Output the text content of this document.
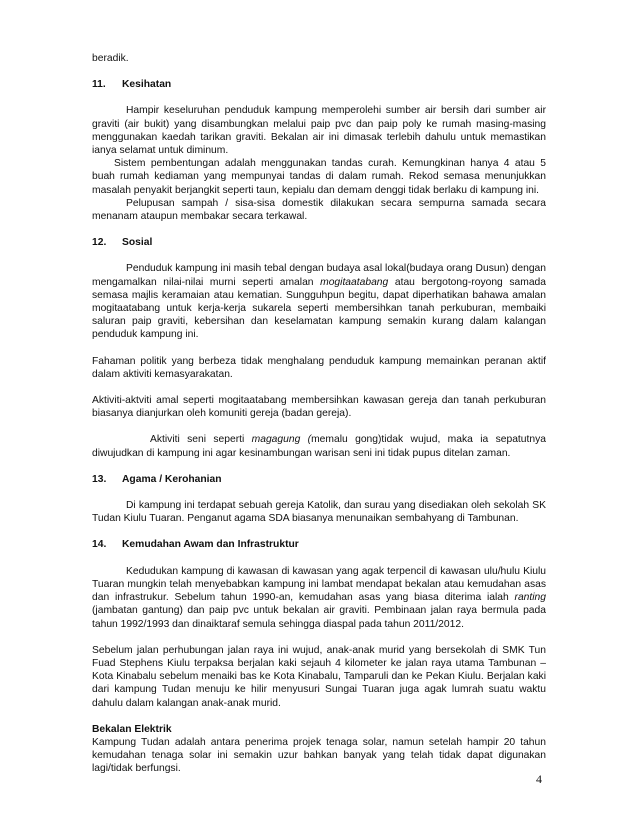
beradik.

11. Kesihatan

Hampir keseluruhan penduduk kampung memperolehi sumber air bersih dari sumber air graviti (air bukit) yang disambungkan melalui paip pvc dan paip poly ke rumah masing-masing menggunakan kaedah tarikan graviti. Bekalan air ini dimasak terlebih dahulu untuk memastikan ianya selamat untuk diminum.

Sistem pembentungan adalah menggunakan tandas curah. Kemungkinan hanya 4 atau 5 buah rumah kediaman yang mempunyai tandas di dalam rumah. Rekod semasa menunjukkan masalah penyakit berjangkit seperti taun, kepialu dan demam denggi tidak berlaku di kampung ini.

Pelupusan sampah / sisa-sisa domestik dilakukan secara sempurna samada secara menanam ataupun membakar secara terkawal.

12. Sosial

Penduduk kampung ini masih tebal dengan budaya asal lokal(budaya orang Dusun) dengan mengamalkan nilai-nilai murni seperti amalan mogitaatabang atau bergotong-royong samada semasa majlis keramaian atau kematian. Sungguhpun begitu, dapat diperhatikan bahawa amalan mogitaatabang untuk kerja-kerja sukarela seperti membersihkan tanah perkuburan, membaiki saluran paip graviti, kebersihan dan keselamatan kampung semakin kurang dalam kalangan penduduk kampung ini.

Fahaman politik yang berbeza tidak menghalang penduduk kampung memainkan peranan aktif dalam aktiviti kemasyarakatan.

Aktiviti-aktviti amal seperti mogitaatabang membersihkan kawasan gereja dan tanah perkuburan biasanya dianjurkan oleh komuniti gereja (badan gereja).

Aktiviti seni seperti magagung (memalu gong)tidak wujud, maka ia sepatutnya diwujudkan di kampung ini agar kesinambungan warisan seni ini tidak pupus ditelan zaman.

13. Agama / Kerohanian

Di kampung ini terdapat sebuah gereja Katolik, dan surau yang disediakan oleh sekolah SK Tudan Kiulu Tuaran. Penganut agama SDA biasanya menunaikan sembahyang di Tambunan.

14. Kemudahan Awam dan Infrastruktur

Kedudukan kampung di kawasan di kawasan yang agak terpencil di kawasan ulu/hulu Kiulu Tuaran mungkin telah menyebabkan kampung ini lambat mendapat bekalan atau kemudahan asas dan infrastrukur. Sebelum tahun 1990-an, kemudahan asas yang biasa diterima ialah ranting (jambatan gantung) dan paip pvc untuk bekalan air graviti. Pembinaan jalan raya bermula pada tahun 1992/1993 dan dinaiktaraf semula sehingga diaspal pada tahun 2011/2012.

Sebelum jalan perhubungan jalan raya ini wujud, anak-anak murid yang bersekolah di SMK Tun Fuad Stephens Kiulu terpaksa berjalan kaki sejauh 4 kilometer ke jalan raya utama Tambunan – Kota Kinabalu sebelum menaiki bas ke Kota Kinabalu, Tamparuli dan ke Pekan Kiulu. Berjalan kaki dari kampung Tudan menuju ke hilir menyusuri Sungai Tuaran juga agak lumrah suatu waktu dahulu dalam kalangan anak-anak murid.

Bekalan Elektrik

Kampung Tudan adalah antara penerima projek tenaga solar, namun setelah hampir 20 tahun kemudahan tenaga solar ini semakin uzur bahkan banyak yang telah tidak dapat digunakan lagi/tidak berfungsi.

4
